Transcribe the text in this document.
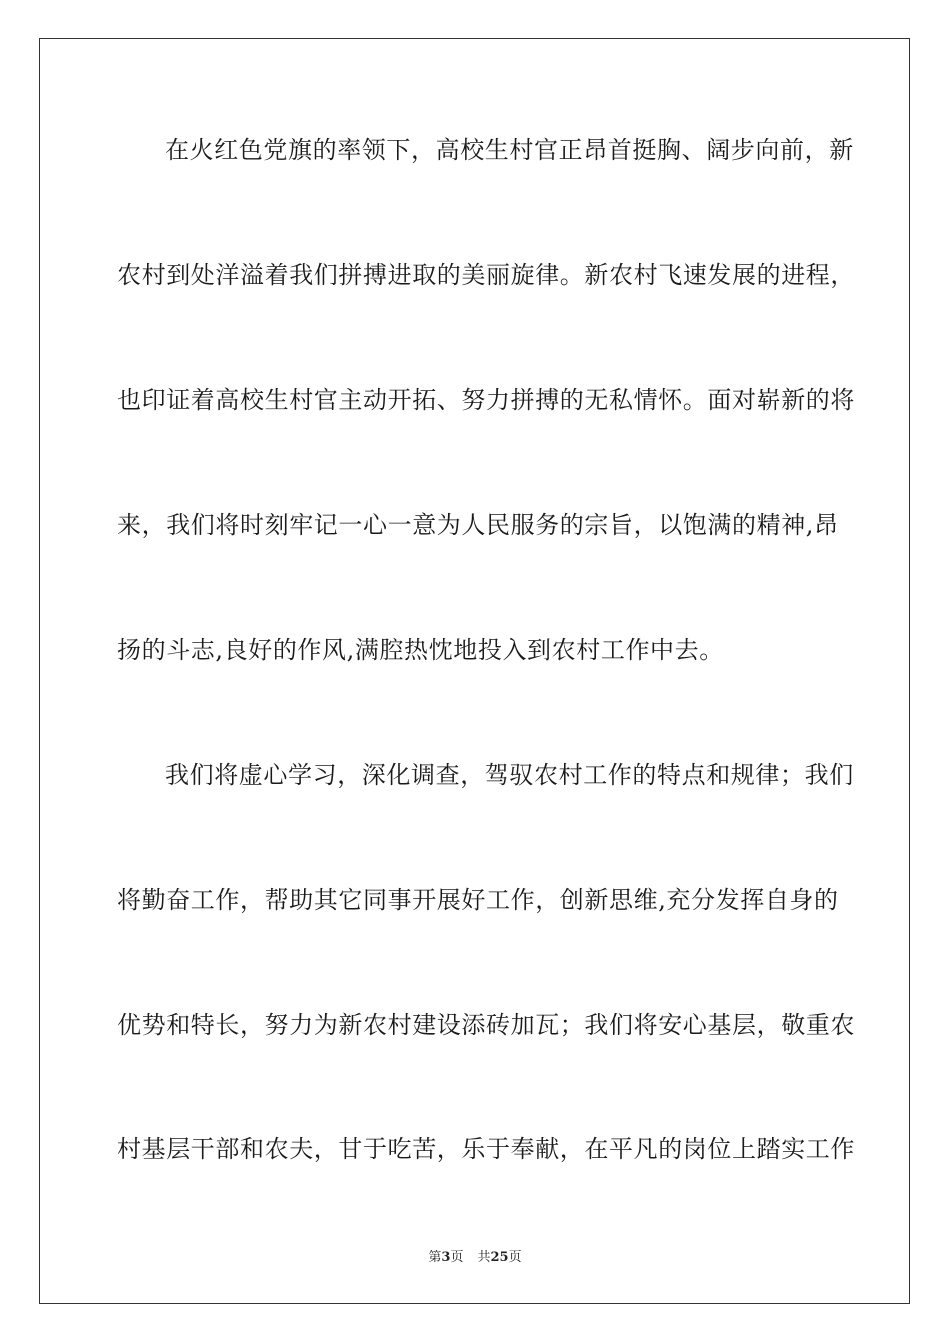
在火红色党旗的率领下，高校生村官正昂首挺胸、阔步向前，新
农村到处洋溢着我们拼搏进取的美丽旋律。新农村飞速发展的进程，
也印证着高校生村官主动开拓、努力拼搏的无私情怀。面对崭新的将
来，我们将时刻牢记一心一意为人民服务的宗旨，以饱满的精神,昂
扬的斗志,良好的作风,满腔热忱地投入到农村工作中去。
我们将虚心学习，深化调查，驾驭农村工作的特点和规律；我们
将勤奋工作，帮助其它同事开展好工作，创新思维,充分发挥自身的
优势和特长，努力为新农村建设添砖加瓦；我们将安心基层，敬重农
村基层干部和农夫，甘于吃苦，乐于奉献，在平凡的岗位上踏实工作
第3页 共25页
